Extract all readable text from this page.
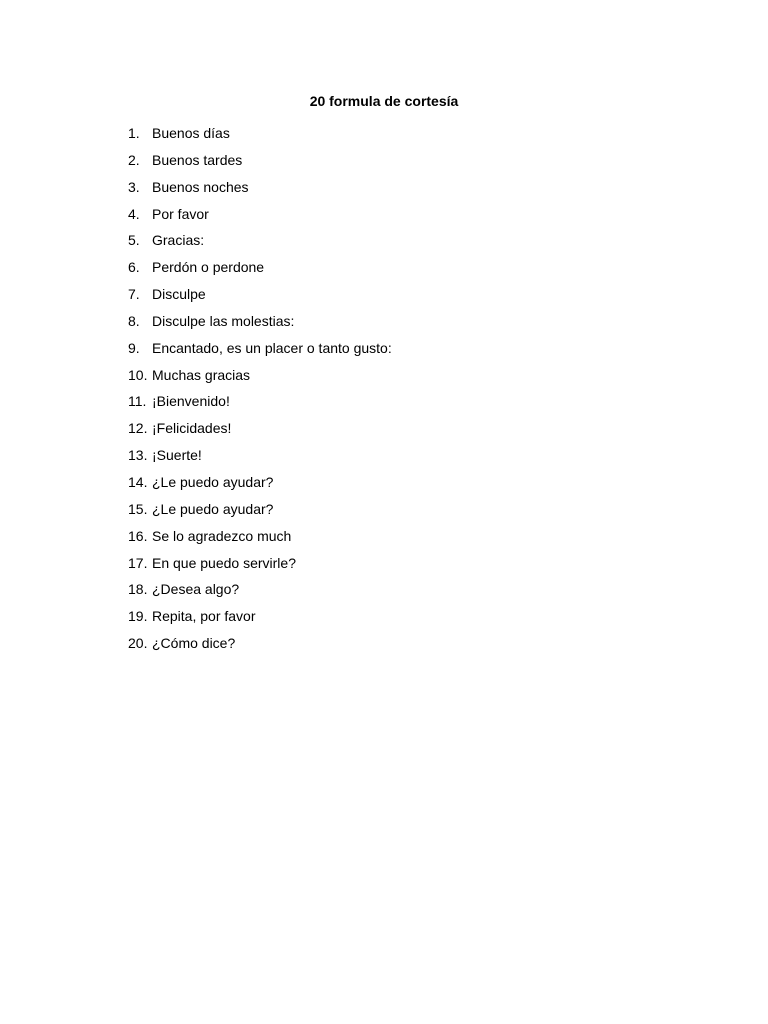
20 formula de cortesía
1. Buenos días
2. Buenos tardes
3. Buenos noches
4. Por favor
5. Gracias:
6. Perdón o perdone
7. Disculpe
8. Disculpe las molestias:
9. Encantado, es un placer o tanto gusto:
10. Muchas gracias
11. ¡Bienvenido!
12. ¡Felicidades!
13. ¡Suerte!
14. ¿Le puedo ayudar?
15. ¿Le puedo ayudar?
16. Se lo agradezco much
17. En que puedo servirle?
18. ¿Desea algo?
19. Repita, por favor
20. ¿Cómo dice?
